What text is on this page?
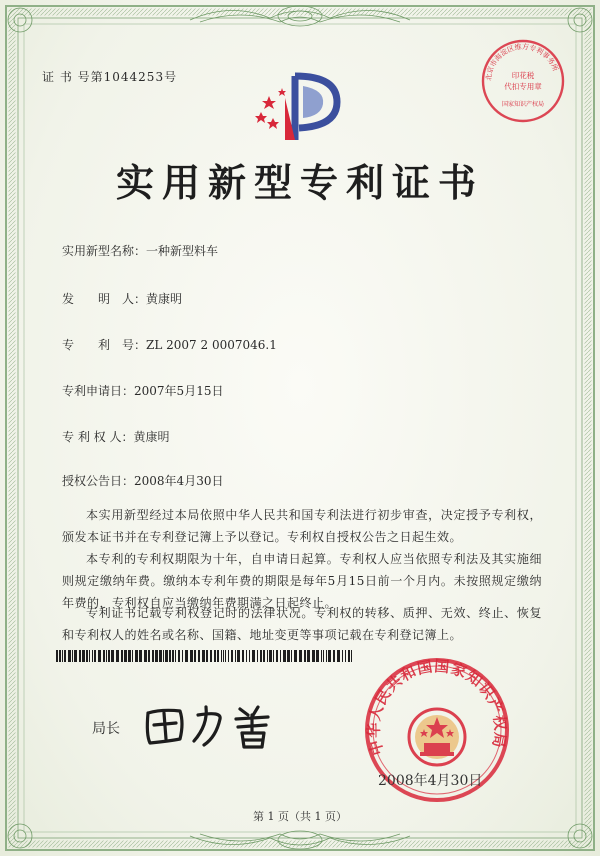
证 书 号第1044253号	北京市海淀区维方专利事务所
印花税
代扣专用章
国家知识产权局
实用新型专利证书
实用新型名称：一种新型料车
发　　明　人：黄康明
专　　利　号：ZL 2007 2 0007046.1
专利申请日：2007年5月15日
专 利 权 人：黄康明
授权公告日：2008年4月30日
本实用新型经过本局依照中华人民共和国专利法进行初步审查，决定授予专利权，颁发本证书并在专利登记簿上予以登记。专利权自授权公告之日起生效。
本专利的专利权期限为十年，自申请日起算。专利权人应当依照专利法及其实施细则规定缴纳年费。缴纳本专利年费的期限是每年5月15日前一个月内。未按照规定缴纳年费的，专利权自应当缴纳年费期满之日起终止。
专利证书记载专利权登记时的法律状况。专利权的转移、质押、无效、终止、恢复和专利权人的姓名或名称、国籍、地址变更等事项记载在专利登记簿上。
局长
中华人民共和国国家知识产权局
2008年4月30日
第 1 页（共 1 页）
